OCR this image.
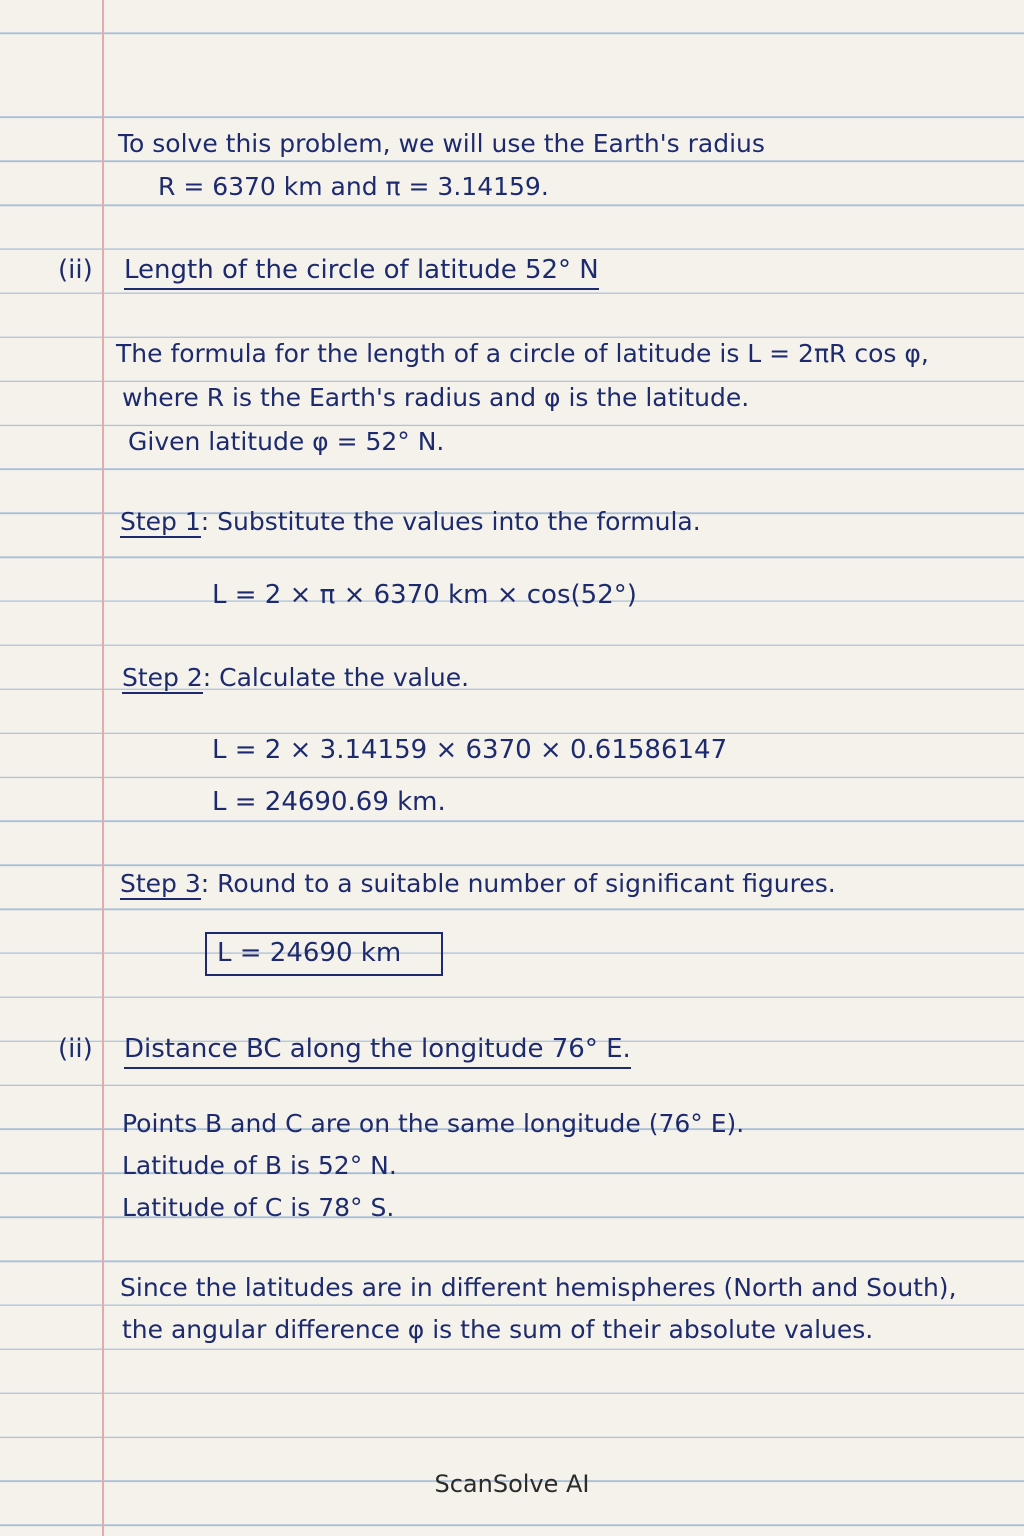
To solve this problem, we will use the Earth's radius
R = 6370 km and π = 3.14159.
(ii) Length of the circle of latitude 52° N
The formula for the length of a circle of latitude is L = 2πR cos φ,
where R is the Earth's radius and φ is the latitude.
Given latitude φ = 52° N.
Step 1: Substitute the values into the formula.
L = 2 × π × 6370 km × cos(52°)
Step 2: Calculate the value.
L = 2 × 3.14159 × 6370 × 0.61586147
L = 24690.69 km.
Step 3: Round to a suitable number of significant figures.
L = 24690 km
(ii) Distance BC along the longitude 76° E.
Points B and C are on the same longitude (76° E).
Latitude of B is 52° N.
Latitude of C is 78° S.
Since the latitudes are in different hemispheres (North and South),
the angular difference φ is the sum of their absolute values.
ScanSolve AI
